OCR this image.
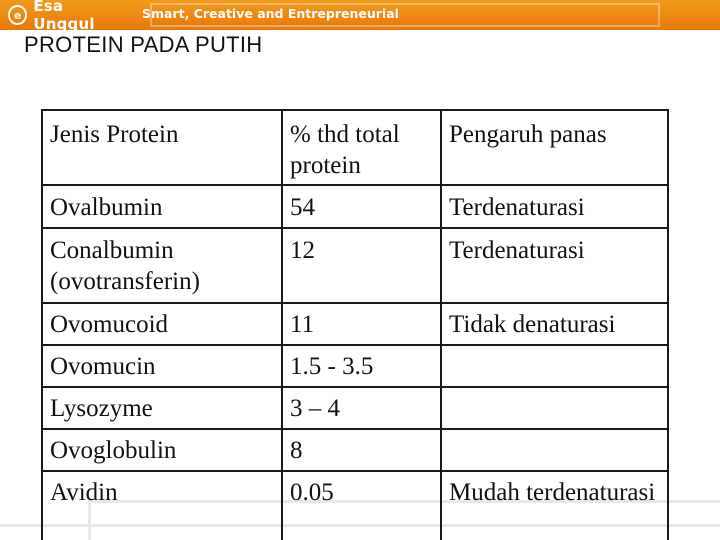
e Esa Unggul
Smart, Creative and Entrepreneurial
PROTEIN PADA PUTIH
Jenis Protein	% thd total protein	Pengaruh panas
Ovalbumin	54	Terdenaturasi
Conalbumin (ovotransferin)	12	Terdenaturasi
Ovomucoid	11	Tidak denaturasi
Ovomucin	1.5 - 3.5	
Lysozyme	3 – 4	
Ovoglobulin	8	
Avidin	0.05	Mudah terdenaturasi
